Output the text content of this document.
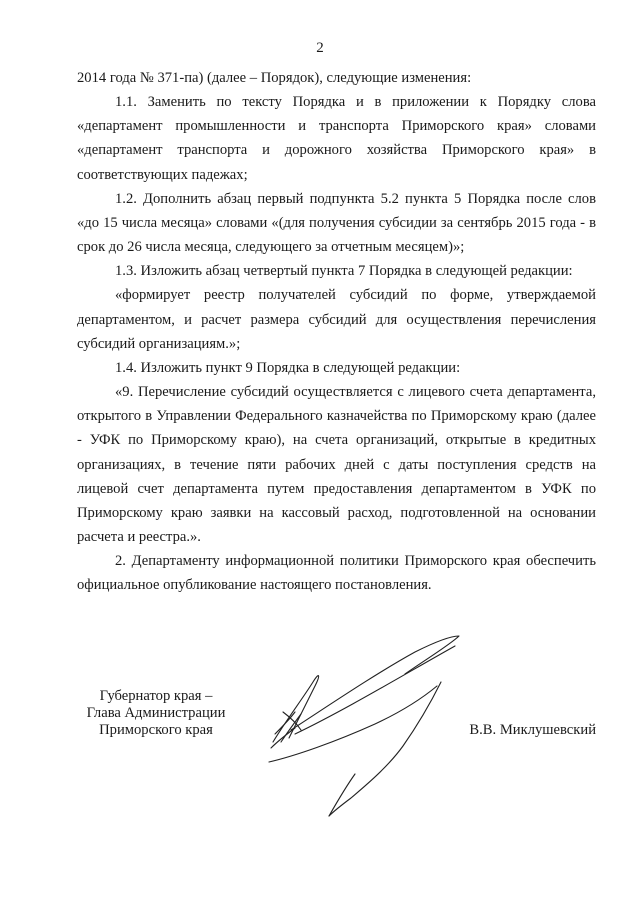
2

2014 года № 371-па) (далее – Порядок), следующие изменения:

1.1. Заменить по тексту Порядка и в приложении к Порядку слова «департамент промышленности и транспорта Приморского края» словами «департамент транспорта и дорожного хозяйства Приморского края» в соответствующих падежах;

1.2. Дополнить абзац первый подпункта 5.2 пункта 5 Порядка после слов «до 15 числа месяца» словами «(для получения субсидии за сентябрь 2015 года - в срок до 26 числа месяца, следующего за отчетным месяцем)»;

1.3. Изложить абзац четвертый пункта 7 Порядка в следующей редакции:

«формирует реестр получателей субсидий по форме, утверждаемой департаментом, и расчет размера субсидий для осуществления перечисления субсидий организациям.»;

1.4. Изложить пункт 9 Порядка в следующей редакции:

«9. Перечисление субсидий осуществляется с лицевого счета департамента, открытого в Управлении Федерального казначейства по Приморскому краю (далее - УФК по Приморскому краю), на счета организаций, открытые в кредитных организациях, в течение пяти рабочих дней с даты поступления средств на лицевой счет департамента путем предоставления департаментом в УФК по Приморскому краю заявки на кассовый расход, подготовленной на основании расчета и реестра.».

2. Департаменту информационной политики Приморского края обеспечить официальное опубликование настоящего постановления.

Губернатор края –
Глава Администрации
Приморского края	В.В. Миклушевский
